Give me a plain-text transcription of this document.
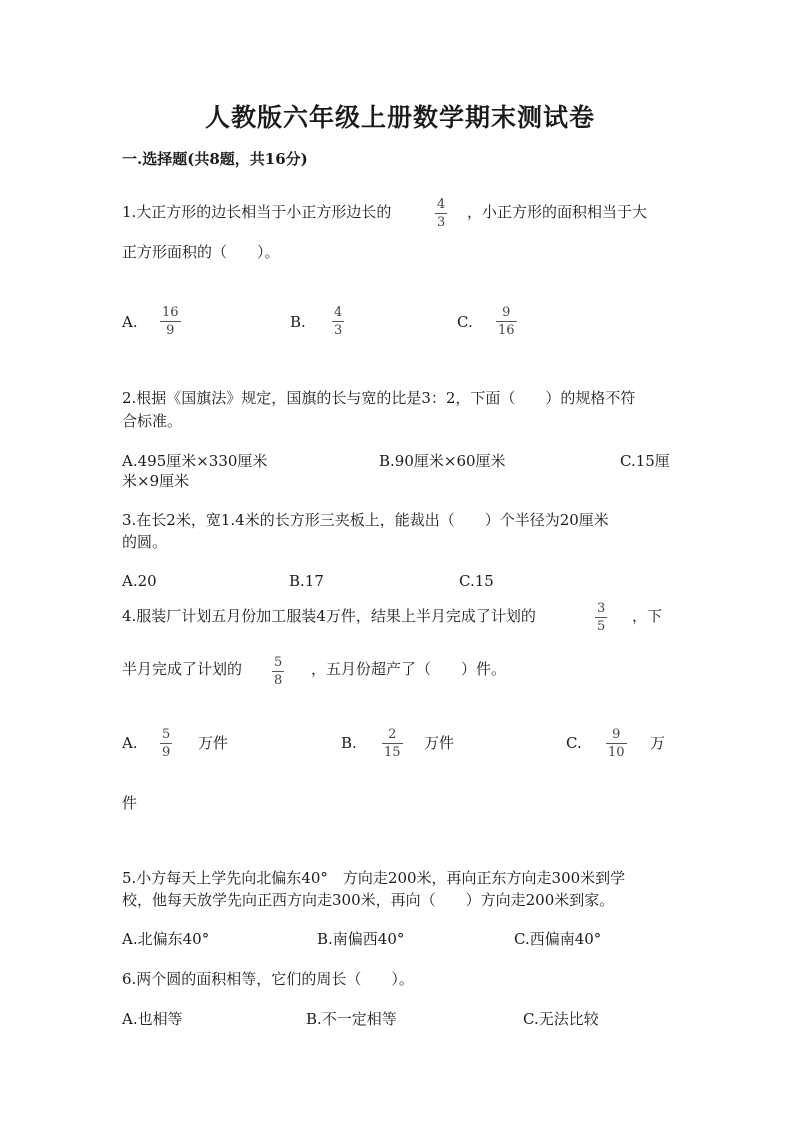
人教版六年级上册数学期末测试卷
一.选择题(共8题，共16分)
1.大正方形的边长相当于小正方形边长的	4
3
，小正方形的面积相当于大
正方形面积的（　　）。
A.
16
9	B.
4
3	C.
9
16
2.根据《国旗法》规定，国旗的长与宽的比是3：2，下面（　　）的规格不符
合标准。
A.495厘米×330厘米	B.90厘米×60厘米	C.15厘
米×9厘米
3.在长2米，宽1.4米的长方形三夹板上，能裁出（　　）个半径为20厘米
的圆。
A.20	B.17	C.15
4.服装厂计划五月份加工服装4万件，结果上半月完成了计划的	3
5
，下
半月完成了计划的 5
8
，五月份超产了（　　）件。
A. 5
9
万件	B. 2
15
万件	C. 9
10
万
件
5.小方每天上学先向北偏东40°　方向走200米，再向正东方向走300米到学
校，他每天放学先向正西方向走300米，再向（　　）方向走200米到家。
A.北偏东40°	B.南偏西40°	C.西偏南40°
6.两个圆的面积相等，它们的周长（　　）。
A.也相等	B.不一定相等	C.无法比较
